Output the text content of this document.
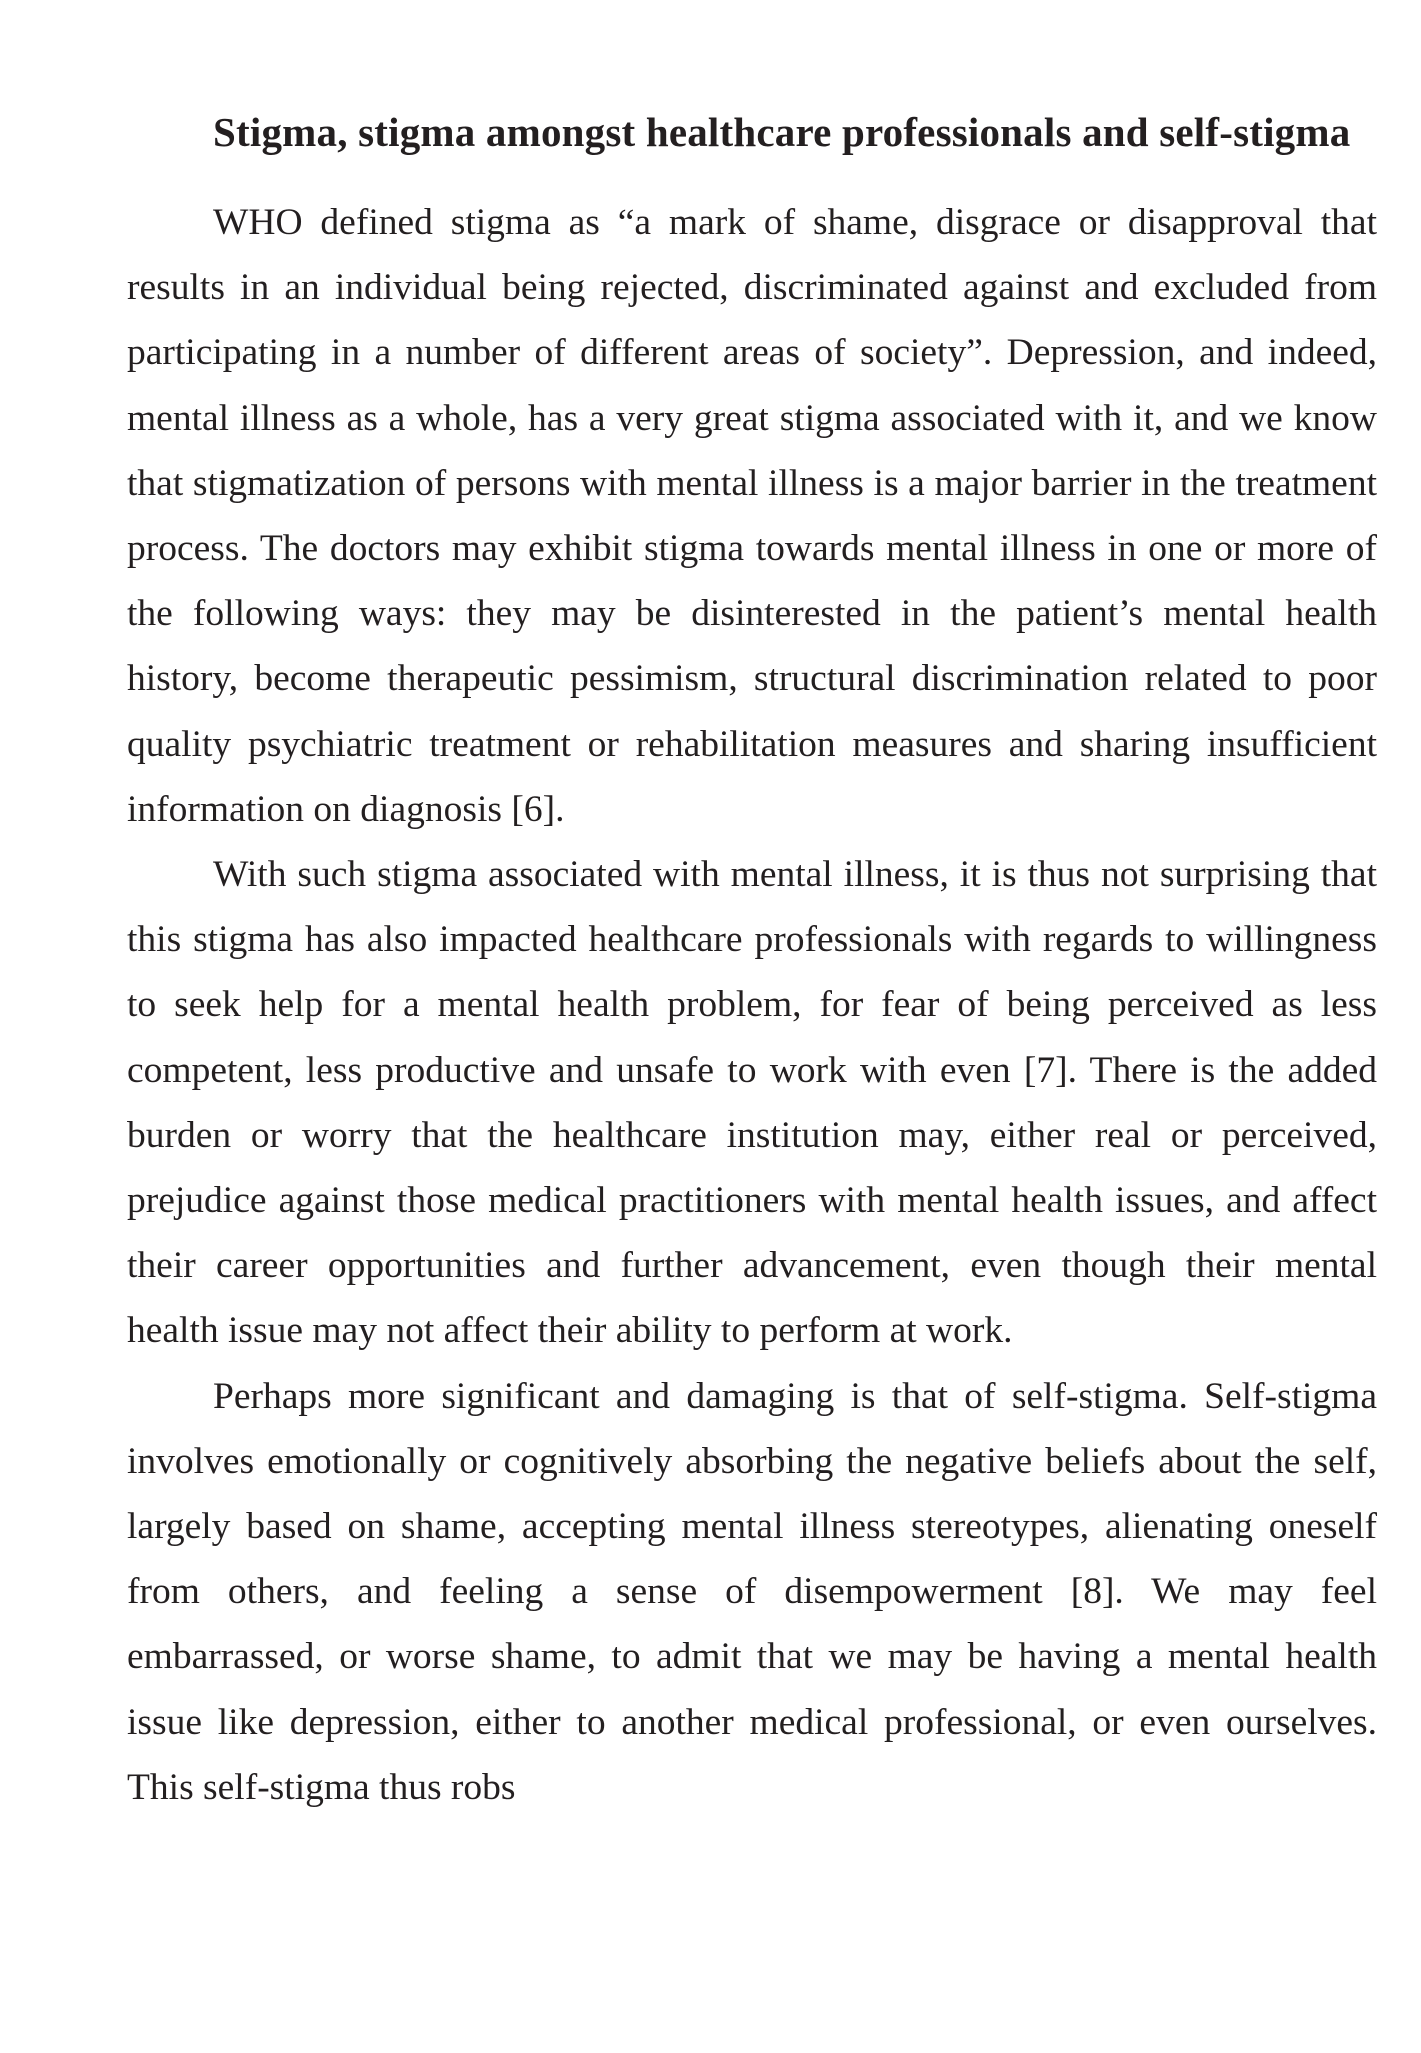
Stigma, stigma amongst healthcare professionals and self-stigma

WHO defined stigma as “a mark of shame, disgrace or disapproval that results in an individual being rejected, discriminated against and excluded from participating in a number of different areas of society”. Depression, and indeed, mental illness as a whole, has a very great stigma associated with it, and we know that stigmatization of persons with mental illness is a major barrier in the treatment process. The doctors may exhibit stigma towards mental illness in one or more of the following ways: they may be disinterested in the patient’s mental health history, become therapeutic pessimism, structural discrimination related to poor quality psychiatric treatment or rehabilitation measures and sharing insufficient information on diagnosis [6].

With such stigma associated with mental illness, it is thus not surprising that this stigma has also impacted healthcare professionals with regards to willingness to seek help for a mental health problem, for fear of being perceived as less competent, less productive and unsafe to work with even [7]. There is the added burden or worry that the healthcare institution may, either real or perceived, prejudice against those medical practitioners with mental health issues, and affect their career opportunities and further advancement, even though their mental health issue may not affect their ability to perform at work.

Perhaps more significant and damaging is that of self-stigma. Self-stigma involves emotionally or cognitively absorbing the negative beliefs about the self, largely based on shame, accepting mental illness stereotypes, alienating oneself from others, and feeling a sense of disempowerment [8]. We may feel embarrassed, or worse shame, to admit that we may be having a mental health issue like depression, either to another medical professional, or even ourselves. This self-stigma thus robs
